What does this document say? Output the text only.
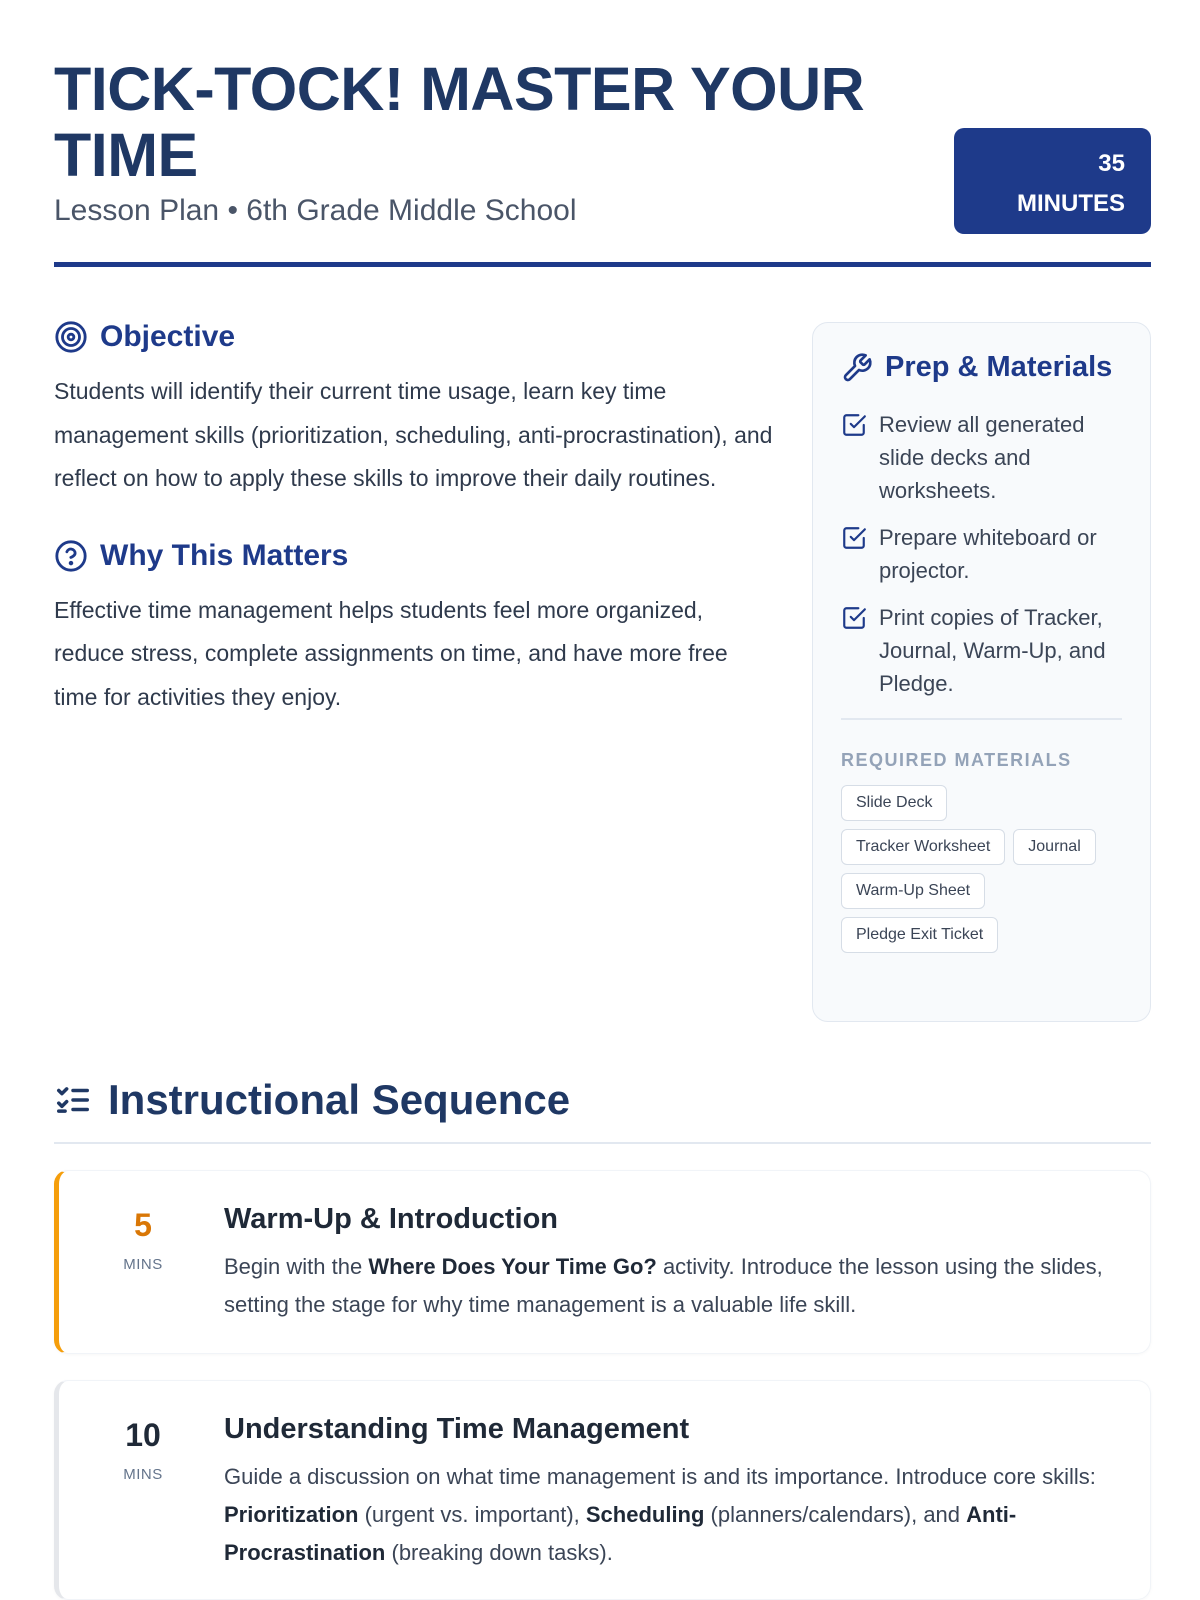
TICK-TOCK! MASTER YOUR TIME
Lesson Plan • 6th Grade Middle School
35
MINUTES
Objective

Students will identify their current time usage, learn key time management skills (prioritization, scheduling, anti-procrastination), and reflect on how to apply these skills to improve their daily routines.

Why This Matters

Effective time management helps students feel more organized, reduce stress, complete assignments on time, and have more free time for activities they enjoy.

Prep & Materials
Review all generated slide decks and worksheets.
Prepare whiteboard or projector.
Print copies of Tracker, Journal, Warm-Up, and Pledge.
REQUIRED MATERIALS
Slide Deck
Tracker Worksheet	Journal
Warm-Up Sheet
Pledge Exit Ticket
Instructional Sequence
5
MINS
Warm-Up & Introduction

Begin with the Where Does Your Time Go? activity. Introduce the lesson using the slides, setting the stage for why time management is a valuable life skill.

10
MINS
Understanding Time Management

Guide a discussion on what time management is and its importance. Introduce core skills: Prioritization (urgent vs. important), Scheduling (planners/calendars), and Anti-Procrastination (breaking down tasks).
